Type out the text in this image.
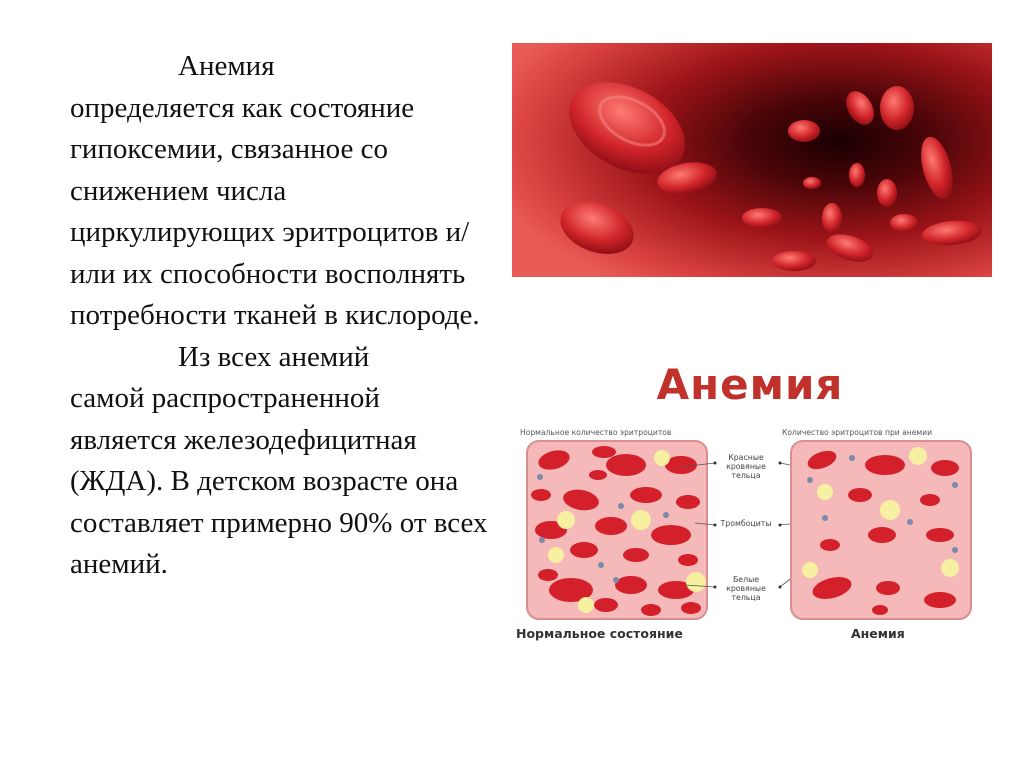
Анемия
определяется как состояние гипоксемии, связанное со снижением числа циркулирующих эритроцитов и/или их способности восполнять потребности тканей в кислороде.

Из всех анемий
самой распространенной является железодефицитная (ЖДА). В детском возрасте она составляет примерно 90% от всех анемий.

Анемия
Нормальное количество эритроцитов	Количество эритроцитов при анемии
Красные кровяные тельца
Тромбоциты
Белые кровяные тельца
Нормальное состояние	Анемия
